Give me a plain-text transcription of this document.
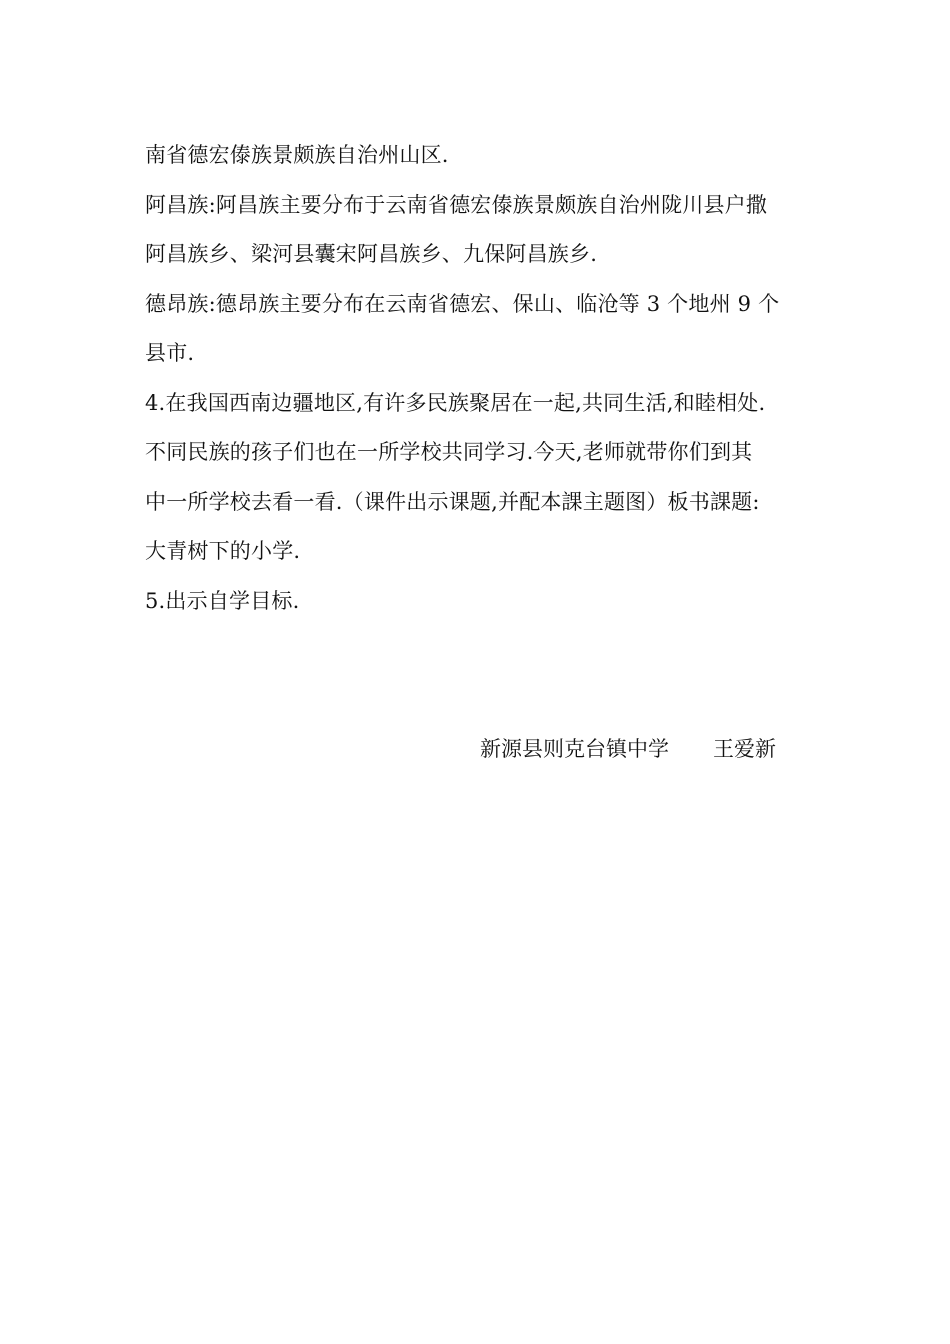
南省德宏傣族景颇族自治州山区.
阿昌族:阿昌族主要分布于云南省德宏傣族景颇族自治州陇川县户撒
阿昌族乡、梁河县囊宋阿昌族乡、九保阿昌族乡.
德昂族:德昂族主要分布在云南省德宏、保山、临沧等 3 个地州 9 个
县市.
4.在我国西南边疆地区,有许多民族聚居在一起,共同生活,和睦相处.
不同民族的孩子们也在一所学校共同学习.今天,老师就带你们到其
中一所学校去看一看.（课件出示课题,并配本課主题图）板书課题:
大青树下的小学.
5.出示自学目标.
新源县则克台镇中学 王爱新
